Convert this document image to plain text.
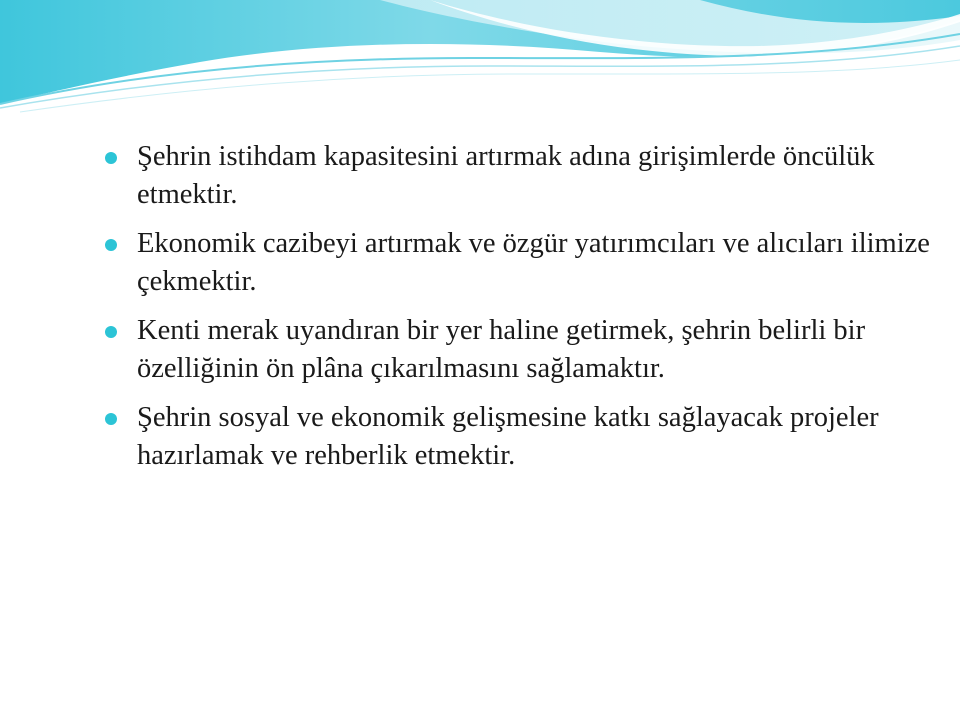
Şehrin istihdam kapasitesini artırmak adına girişimlerde öncülük etmektir.
Ekonomik cazibeyi artırmak ve özgür yatırımcıları ve alıcıları ilimize çekmektir.
Kenti merak uyandıran bir yer haline getirmek, şehrin belirli bir özelliğinin ön plâna çıkarılmasını sağlamaktır.
Şehrin sosyal ve ekonomik gelişmesine katkı sağlayacak projeler hazırlamak ve rehberlik etmektir.
